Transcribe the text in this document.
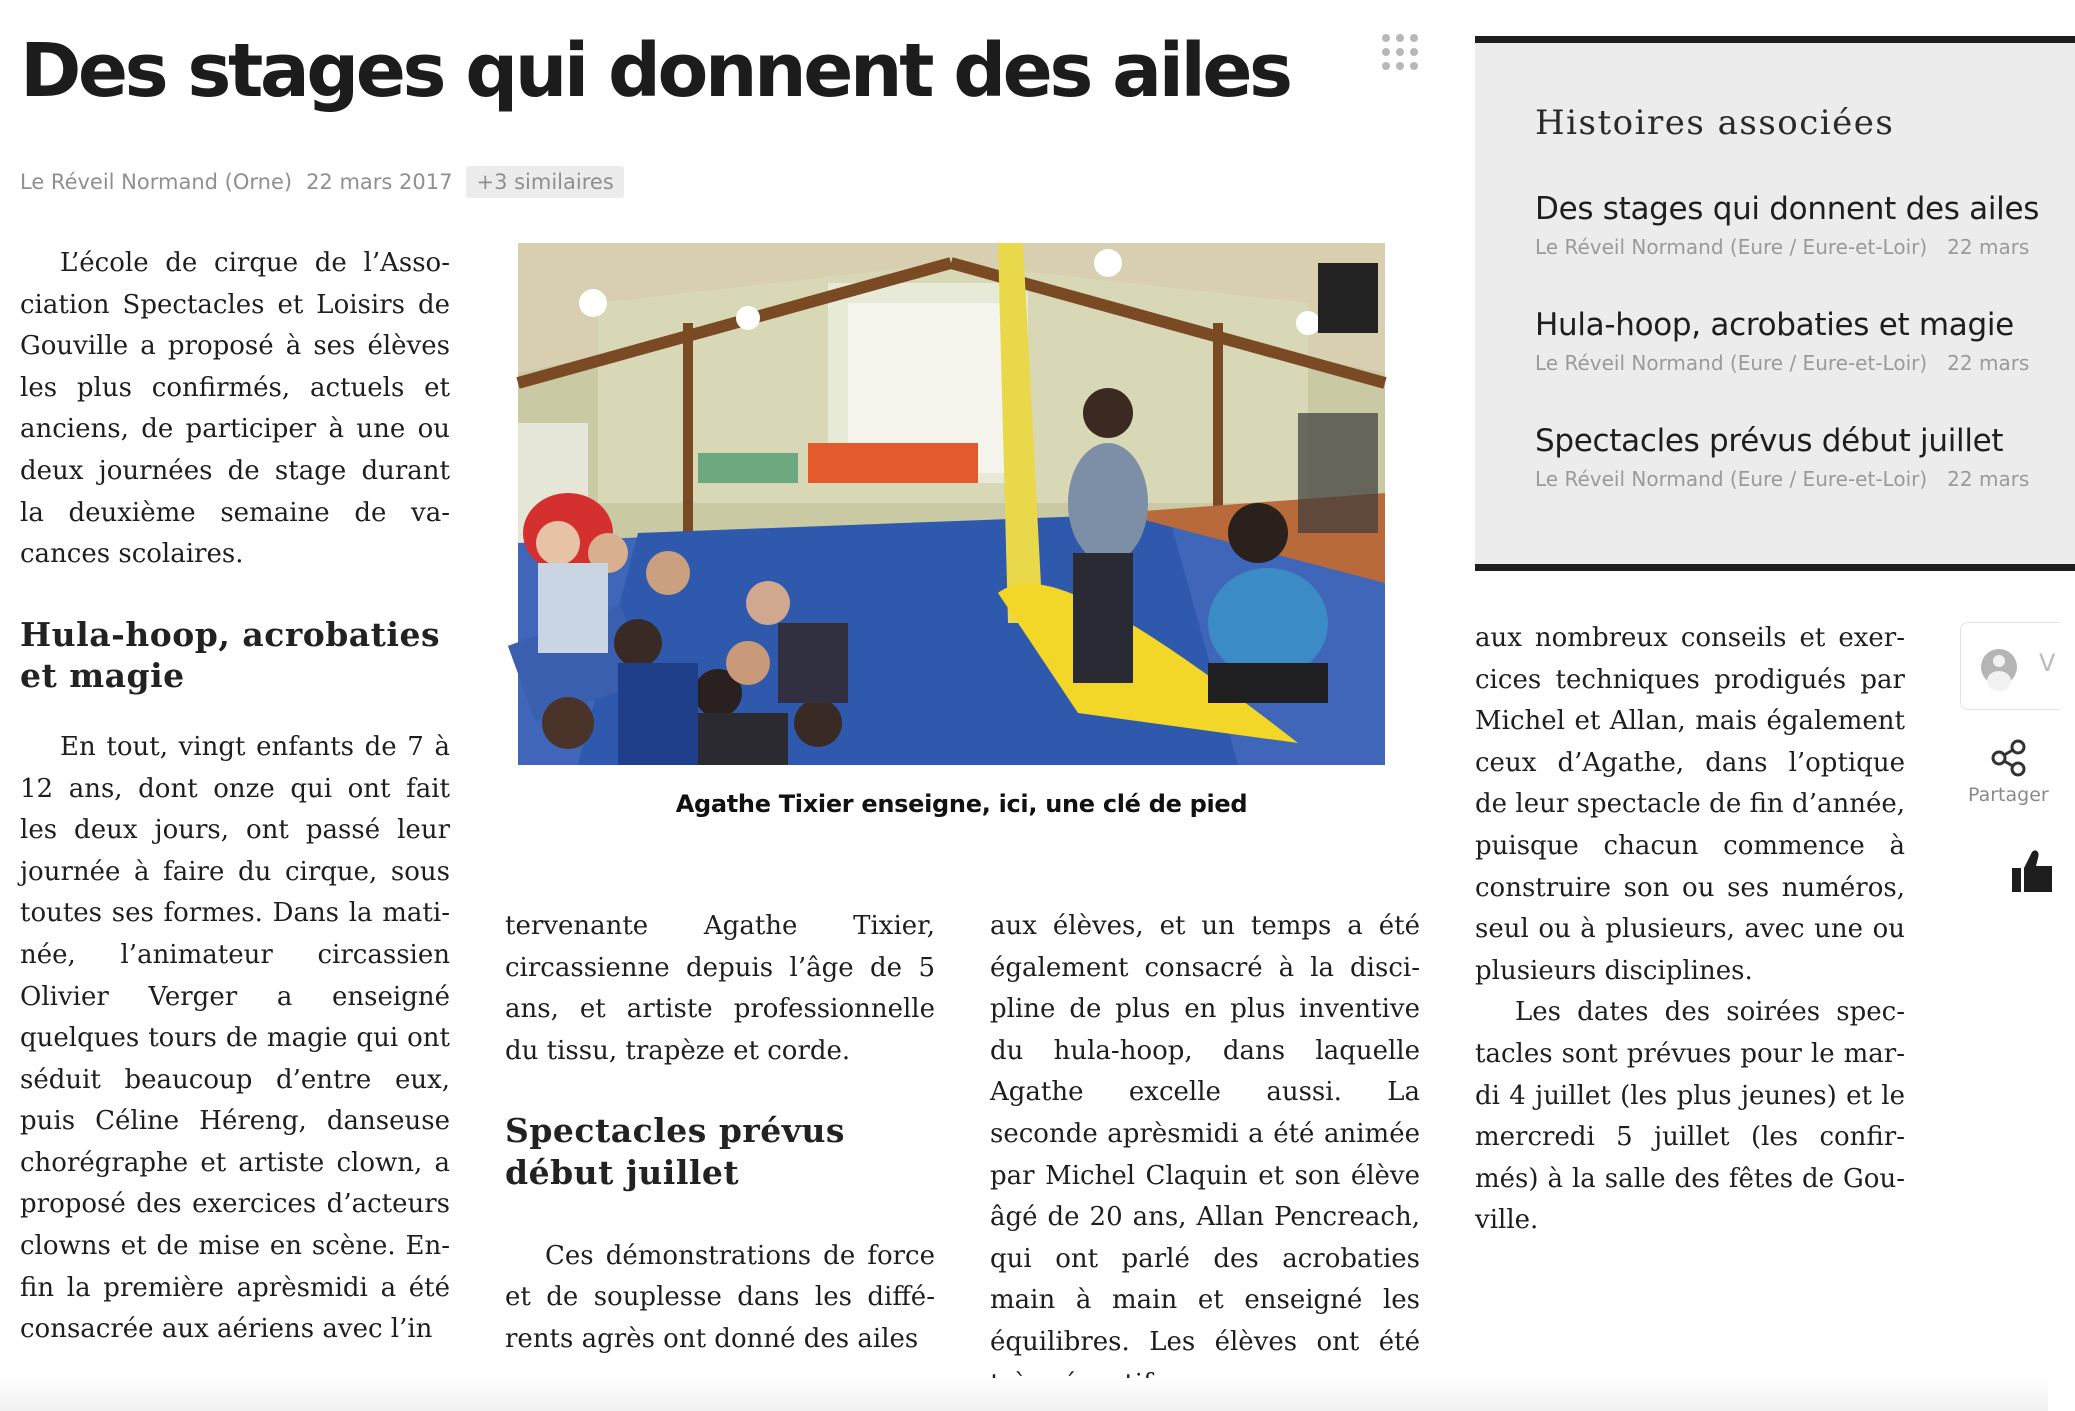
Des stages qui donnent des ailes
Le Réveil Normand (Orne) 22 mars 2017	+3 similaires

L’école de cirque de l’Association Spectacles et Loisirs de Gouville a proposé à ses élèves les plus confirmés, actuels et anciens, de participer à une ou deux journées de stage durant la deuxième semaine de vacances scolaires.

Hula-hoop, acrobaties et magie

En tout, vingt enfants de 7 à 12 ans, dont onze qui ont fait les deux jours, ont passé leur journée à faire du cirque, sous toutes ses formes. Dans la matinée, l’animateur circassien Olivier Verger a enseigné quelques tours de magie qui ont séduit beaucoup d’entre eux, puis Céline Héreng, danseuse chorégraphe et artiste clown, a proposé des exercices d’acteurs clowns et de mise en scène. Enfin la première aprèsmidi a été consacrée aux aériens avec l’in

Agathe Tixier enseigne, ici, une clé de pied

tervenante Agathe Tixier, circassienne depuis l’âge de 5 ans, et artiste professionnelle du tissu, trapèze et corde.

Spectacles prévus début juillet

Ces démonstrations de force et de souplesse dans les différents agrès ont donné des ailes

aux élèves, et un temps a été également consacré à la discipline de plus en plus inventive du hula-hoop, dans laquelle Agathe excelle aussi. La seconde aprèsmidi a été animée par Michel Claquin et son élève âgé de 20 ans, Allan Pencreach, qui ont parlé des acrobaties main à main et enseigné les équilibres. Les élèves ont été

aux nombreux conseils et exercices techniques prodigués par Michel et Allan, mais également ceux d’Agathe, dans l’optique de leur spectacle de fin d’année, puisque chacun commence à construire son ou ses numéros, seul ou à plusieurs, avec une ou plusieurs disciplines.

Les dates des soirées spectacles sont prévues pour le mardi 4 juillet (les plus jeunes) et le mercredi 5 juillet (les confirmés) à la salle des fêtes de Gouville.

Histoires associées
Des stages qui donnent des ailes
Le Réveil Normand (Eure / Eure-et-Loir) 22 mars
Hula-hoop, acrobaties et magie
Le Réveil Normand (Eure / Eure-et-Loir) 22 mars
Spectacles prévus début juillet
Le Réveil Normand (Eure / Eure-et-Loir) 22 mars
V
Partager
